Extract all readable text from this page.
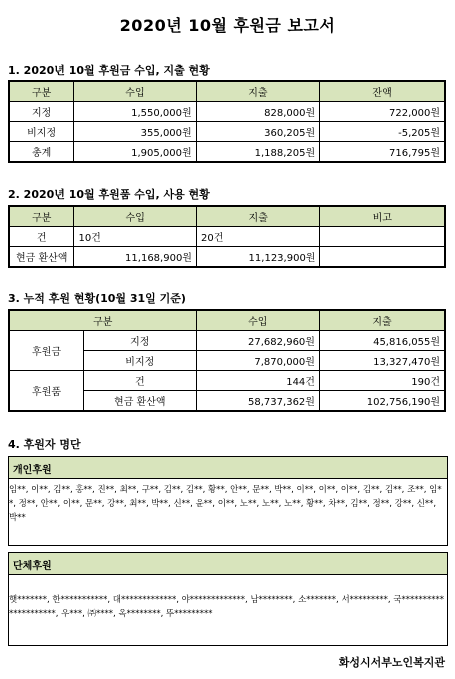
2020년 10월 후원금 보고서
1. 2020년 10월 후원금 수입, 지출 현황
구분	수입	지출	잔액
지정	1,550,000원	828,000원	722,000원
비지정	355,000원	360,205원	-5,205원
총계	1,905,000원	1,188,205원	716,795원
2. 2020년 10월 후원품 수입, 사용 현황
구분	수입	지출	비고
건	10건	20건	
현금 환산액	11,168,900원	11,123,900원	
3. 누적 후원 현황(10월 31일 기준)
구분		수입	지출
후원금	지정	27,682,960원	45,816,055원
	비지정	7,870,000원	13,327,470원
후원품	건	144건	190건
	현금 환산액	58,737,362원	102,756,190원
4. 후원자 명단
개인후원
임**, 이**, 김**, 홍**, 진**, 최**, 구**, 김**, 김**, 황**, 안**, 문**, 박**, 이**, 이**, 이**, 김**, 김**, 조**, 임**, 정**, 안**, 이**, 문**, 강**, 최**, 박**, 신**, 윤**, 이**, 노**, 노**, 노**, 황**, 차**, 김**, 정**, 강**, 신**, 박**
단체후원
햇*******, 한***********, 대*************, 야*************, 남********, 소*******, 서*********, 국*********************, 우***, ㈜****, 옥********, 뚜*********
화성시서부노인복지관
